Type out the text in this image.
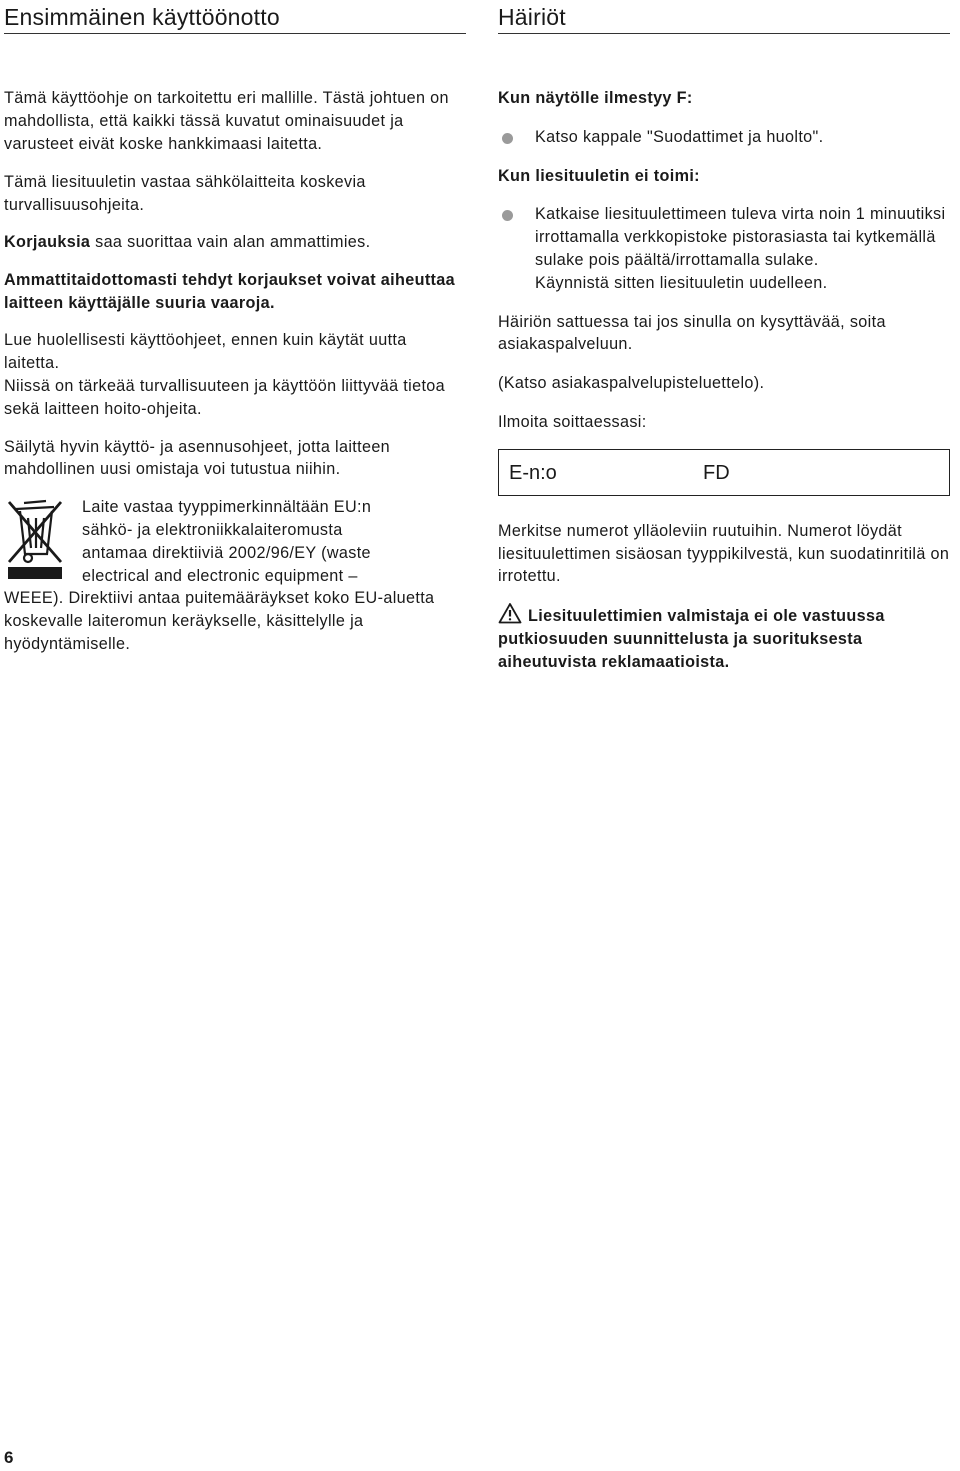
Ensimmäinen käyttöönotto

Tämä käyttöohje on tarkoitettu eri mallille. Tästä johtuen on mahdollista, että kaikki tässä kuvatut ominaisuudet ja varusteet eivät koske hankkimaasi laitetta.

Tämä liesituuletin vastaa sähkölaitteita koskevia turvallisuusohjeita.

Korjauksia saa suorittaa vain alan ammattimies.

Ammattitaidottomasti tehdyt korjaukset voivat aiheuttaa laitteen käyttäjälle suuria vaaroja.

Lue huolellisesti käyttöohjeet, ennen kuin käytät uutta laitetta.

Niissä on tärkeää turvallisuuteen ja käyttöön liittyvää tietoa sekä laitteen hoito-ohjeita.

Säilytä hyvin käyttö- ja asennusohjeet, jotta laitteen mahdollinen uusi omistaja voi tutustua niihin.

Laite vastaa tyyppimerkinnältään EU:n

sähkö- ja elektroniikkalaiteromusta

antamaa direktiiviä 2002/96/EY (waste

electrical and electronic equipment –

WEEE). Direktiivi antaa puitemääräykset koko EU-aluetta koskevalle laiteromun keräykselle, käsittelylle ja hyödyntämiselle.

Häiriöt

Kun näytölle ilmestyy F:

Katso kappale "Suodattimet ja huolto".

Kun liesituuletin ei toimi:

Katkaise liesituulettimeen tuleva virta noin 1 minuutiksi irrottamalla verkkopistoke pistorasiasta tai kytkemällä sulake pois päältä/irrottamalla sulake.

Käynnistä sitten liesituuletin uudelleen.

Häiriön sattuessa tai jos sinulla on kysyttävää, soita asiakaspalveluun.

(Katso asiakaspalvelupisteluettelo).

Ilmoita soittaessasi:

E-n:o	FD

Merkitse numerot ylläoleviin ruutuihin. Numerot löydät liesituulettimen sisäosan tyyppikilvestä, kun suodatinritilä on irrotettu.

Liesituulettimien valmistaja ei ole vastuussa putkiosuuden suunnittelusta ja suorituksesta aiheutuvista reklamaatioista.

6
